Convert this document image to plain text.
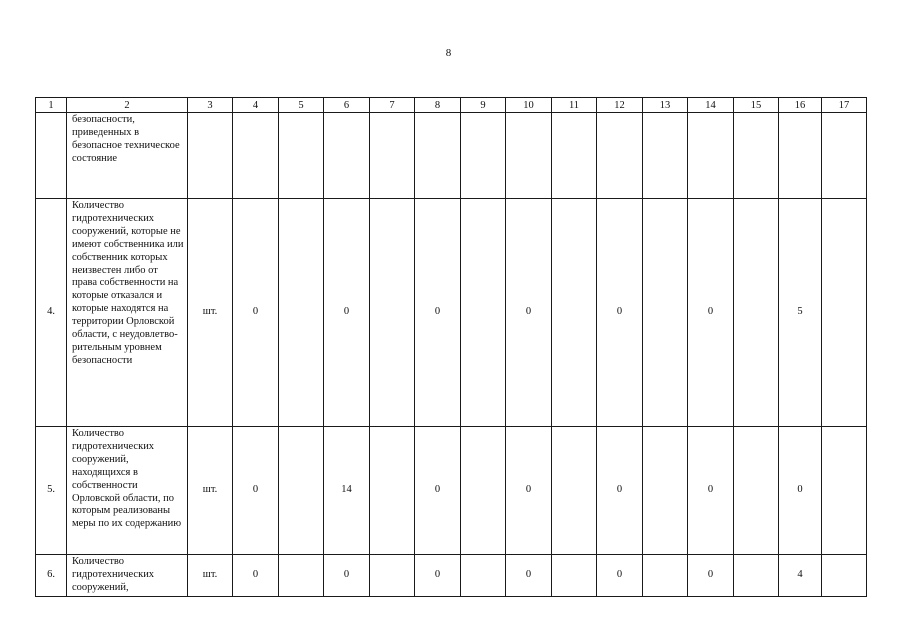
8
1	2	3	4	5	6	7	8	9	10	11	12	13	14	15	16	17
	безопасности, приведенных в безопасное техническое состояние															
4.	Количество гидротехнических сооружений, которые не имеют собственника или собственник которых неизвестен либо от права собственности на которые отказался и которые находятся на территории Орловской области, с неудовлетво-рительным уровнем безопасности	шт.	0		0		0		0		0		0		5	
5.	Количество гидротехнических сооружений, находящихся в собственности Орловской области, по которым реализованы меры по их содержанию	шт.	0		14		0		0		0		0		0	
6.	Количество гидротехнических сооружений,	шт.	0		0		0		0		0		0		4	
